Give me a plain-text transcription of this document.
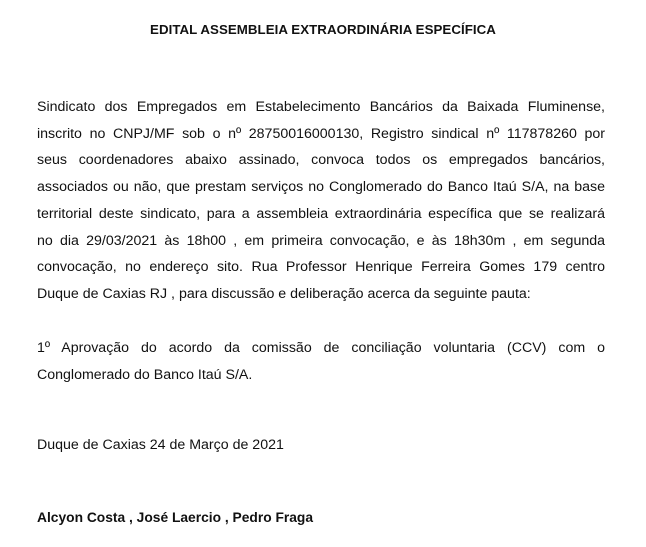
EDITAL ASSEMBLEIA EXTRAORDINÁRIA ESPECÍFICA
Sindicato dos Empregados em Estabelecimento Bancários da Baixada Fluminense,
inscrito no CNPJ/MF sob o nº 28750016000130, Registro sindical nº 117878260 por
seus coordenadores abaixo assinado, convoca todos os empregados bancários,
associados ou não, que prestam serviços no Conglomerado do Banco Itaú S/A, na base
territorial deste sindicato, para a assembleia extraordinária específica que se realizará
no dia 29/03/2021 às 18h00 , em primeira convocação, e às 18h30m , em segunda
convocação, no endereço sito. Rua Professor Henrique Ferreira Gomes 179 centro
Duque de Caxias RJ , para discussão e deliberação acerca da seguinte pauta:
1º Aprovação do acordo da comissão de conciliação voluntaria (CCV) com o
Conglomerado do Banco Itaú S/A.
Duque de Caxias 24 de Março de 2021
Alcyon Costa , José Laercio , Pedro Fraga
